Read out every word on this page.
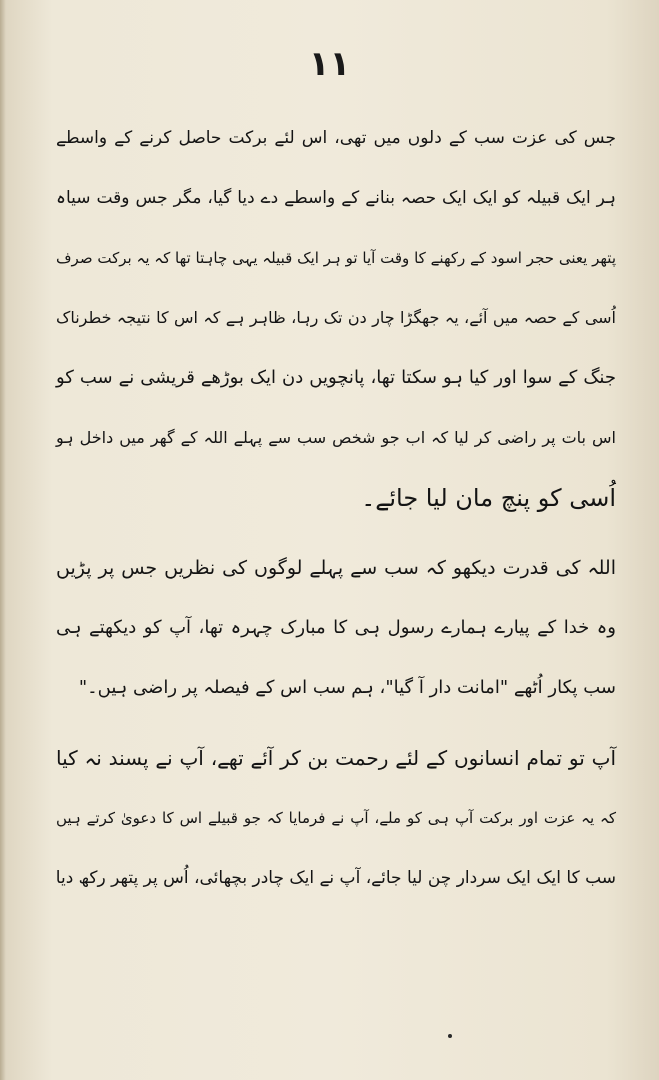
۱۱
جس کی عزت سب کے دلوں میں تھی، اس لئے برکت حاصل کرنے کے واسطے
ہر ایک قبیلہ کو ایک ایک حصہ بنانے کے واسطے دے دیا گیا، مگر جس وقت سیاہ
پتھر یعنی حجر اسود کے رکھنے کا وقت آیا تو ہر ایک قبیلہ یہی چاہتا تھا کہ یہ برکت صرف
اُسی کے حصہ میں آئے، یہ جھگڑا چار دن تک رہا، ظاہر ہے کہ اس کا نتیجہ خطرناک
جنگ کے سوا اور کیا ہو سکتا تھا، پانچویں دن ایک بوڑھے قریشی نے سب کو
اس بات پر راضی کر لیا کہ اب جو شخص سب سے پہلے اللہ کے گھر میں داخل ہو
اُسی کو پنچ مان لیا جائے۔
اللہ کی قدرت دیکھو کہ سب سے پہلے لوگوں کی نظریں جس پر پڑیں
وہ خدا کے پیارے ہمارے رسول ہی کا مبارک چہرہ تھا، آپ کو دیکھتے ہی
سب پکار اُٹھے "امانت دار آ گیا"، ہم سب اس کے فیصلہ پر راضی ہیں۔"
آپ تو تمام انسانوں کے لئے رحمت بن کر آئے تھے، آپ نے پسند نہ کیا
کہ یہ عزت اور برکت آپ ہی کو ملے، آپ نے فرمایا کہ جو قبیلے اس کا دعویٰ کرتے ہیں
سب کا ایک ایک سردار چن لیا جائے، آپ نے ایک چادر بچھائی، اُس پر پتھر رکھ دیا
